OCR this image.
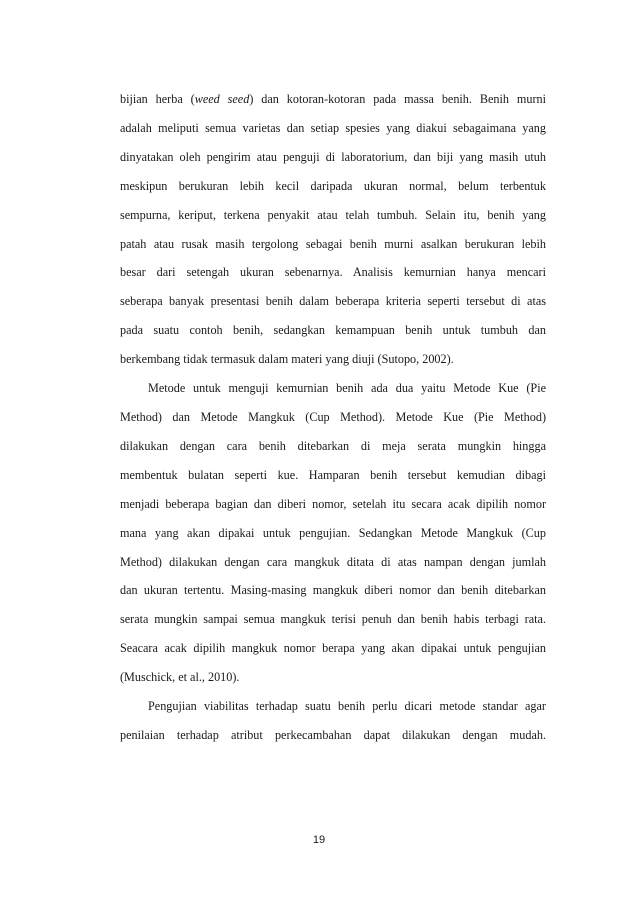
bijian herba (weed seed) dan kotoran-kotoran pada massa benih. Benih murni
adalah meliputi semua varietas dan setiap spesies yang diakui sebagaimana yang
dinyatakan oleh pengirim atau penguji di laboratorium, dan biji yang masih utuh
meskipun berukuran lebih kecil daripada ukuran normal, belum terbentuk
sempurna, keriput, terkena penyakit atau telah tumbuh. Selain itu, benih yang
patah atau rusak masih tergolong sebagai benih murni asalkan berukuran lebih
besar dari setengah ukuran sebenarnya. Analisis kemurnian hanya mencari
seberapa banyak presentasi benih dalam beberapa kriteria seperti tersebut di atas
pada suatu contoh benih, sedangkan kemampuan benih untuk tumbuh dan
berkembang tidak termasuk dalam materi yang diuji (Sutopo, 2002).

Metode untuk menguji kemurnian benih ada dua yaitu Metode Kue (Pie
Method) dan Metode Mangkuk (Cup Method). Metode Kue (Pie Method)
dilakukan dengan cara benih ditebarkan di meja serata mungkin hingga
membentuk bulatan seperti kue. Hamparan benih tersebut kemudian dibagi
menjadi beberapa bagian dan diberi nomor, setelah itu secara acak dipilih nomor
mana yang akan dipakai untuk pengujian. Sedangkan Metode Mangkuk (Cup
Method) dilakukan dengan cara mangkuk ditata di atas nampan dengan jumlah
dan ukuran tertentu. Masing-masing mangkuk diberi nomor dan benih ditebarkan
serata mungkin sampai semua mangkuk terisi penuh dan benih habis terbagi rata.
Seacara acak dipilih mangkuk nomor berapa yang akan dipakai untuk pengujian
(Muschick, et al., 2010).

Pengujian viabilitas terhadap suatu benih perlu dicari metode standar agar
penilaian terhadap atribut perkecambahan dapat dilakukan dengan mudah.

19
